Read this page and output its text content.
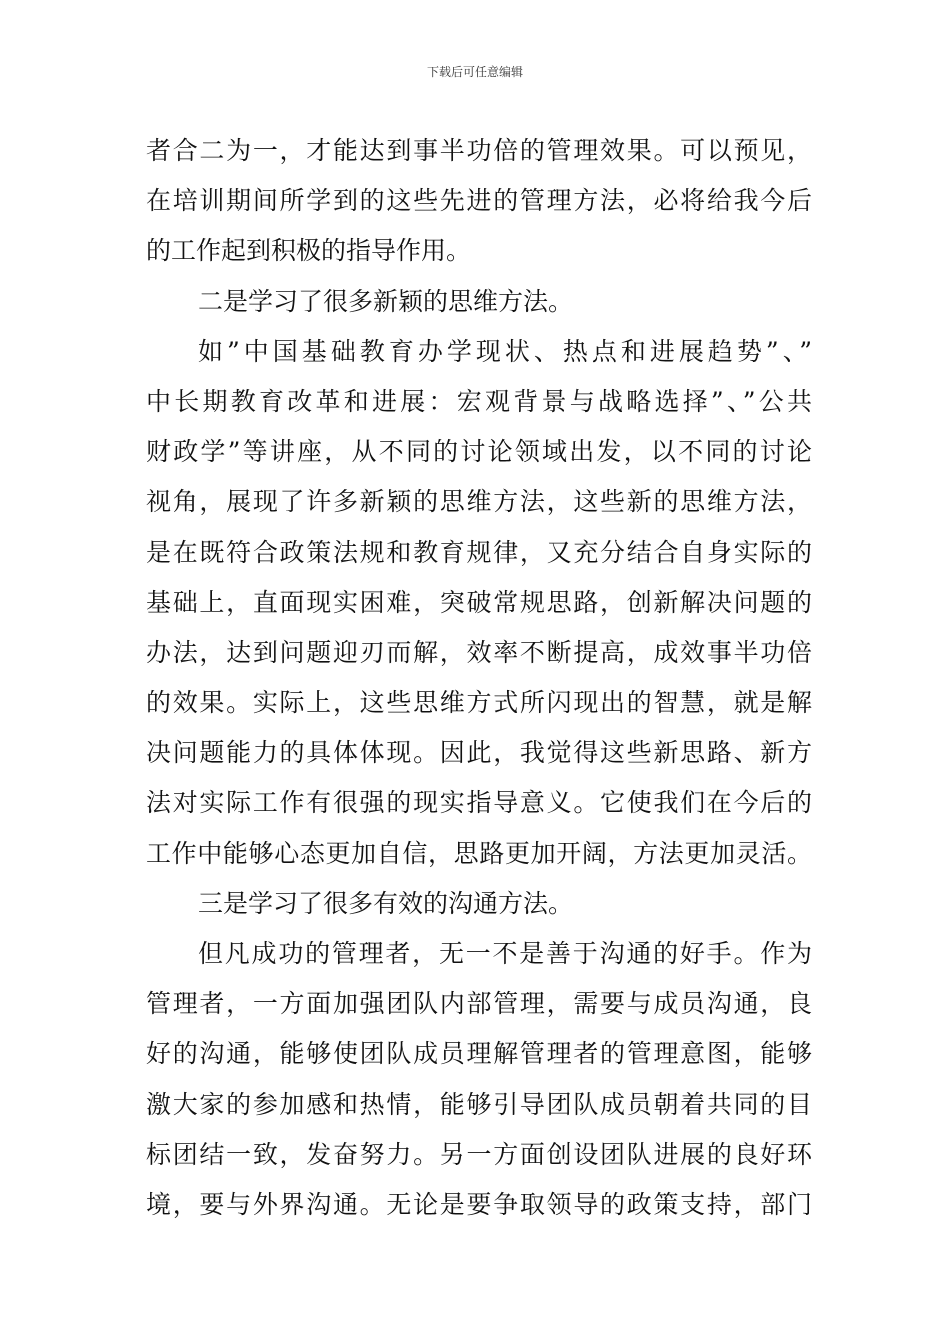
下载后可任意编辑
者合二为一，才能达到事半功倍的管理效果。可以预见，
在培训期间所学到的这些先进的管理方法，必将给我今后
的工作起到积极的指导作用。
二是学习了很多新颖的思维方法。
如”中国基础教育办学现状、热点和进展趋势”、”
中长期教育改革和进展：宏观背景与战略选择”、”公共
财政学”等讲座，从不同的讨论领域出发，以不同的讨论
视角，展现了许多新颖的思维方法，这些新的思维方法，
是在既符合政策法规和教育规律，又充分结合自身实际的
基础上，直面现实困难，突破常规思路，创新解决问题的
办法，达到问题迎刃而解，效率不断提高，成效事半功倍
的效果。实际上，这些思维方式所闪现出的智慧，就是解
决问题能力的具体体现。因此，我觉得这些新思路、新方
法对实际工作有很强的现实指导意义。它使我们在今后的
工作中能够心态更加自信，思路更加开阔，方法更加灵活。
三是学习了很多有效的沟通方法。
但凡成功的管理者，无一不是善于沟通的好手。作为
管理者，一方面加强团队内部管理，需要与成员沟通，良
好的沟通，能够使团队成员理解管理者的管理意图，能够
激大家的参加感和热情，能够引导团队成员朝着共同的目
标团结一致，发奋努力。另一方面创设团队进展的良好环
境，要与外界沟通。无论是要争取领导的政策支持，部门
